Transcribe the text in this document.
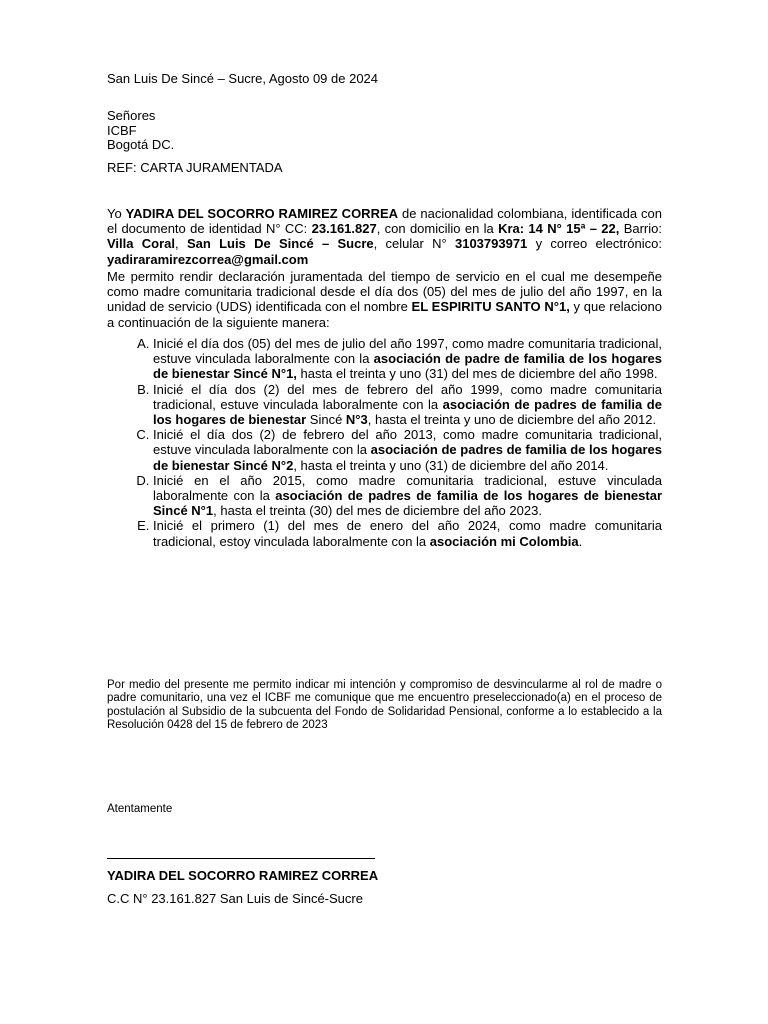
San Luis De Sincé – Sucre, Agosto 09 de 2024

Señores
ICBF
Bogotá DC.

REF: CARTA JURAMENTADA

Yo YADIRA DEL SOCORRO RAMIREZ CORREA de nacionalidad colombiana, identificada con el documento de identidad N° CC: 23.161.827, con domicilio en la Kra: 14 N° 15ª – 22, Barrio: Villa Coral, San Luis De Sincé – Sucre, celular N° 3103793971 y correo electrónico: yadiraramirezcorrea@gmail.com

Me permito rendir declaración juramentada del tiempo de servicio en el cual me desempeñe como madre comunitaria tradicional desde el día dos (05) del mes de julio del año 1997, en la unidad de servicio (UDS) identificada con el nombre EL ESPIRITU SANTO N°1, y que relaciono a continuación de la siguiente manera:

A. Inicié el día dos (05) del mes de julio del año 1997, como madre comunitaria tradicional, estuve vinculada laboralmente con la asociación de padre de familia de los hogares de bienestar Sincé N°1, hasta el treinta y uno (31) del mes de diciembre del año 1998.
B. Inicié el día dos (2) del mes de febrero del año 1999, como madre comunitaria tradicional, estuve vinculada laboralmente con la asociación de padres de familia de los hogares de bienestar Sincé N°3, hasta el treinta y uno de diciembre del año 2012.
C. Inicié el día dos (2) de febrero del año 2013, como madre comunitaria tradicional, estuve vinculada laboralmente con la asociación de padres de familia de los hogares de bienestar Sincé N°2, hasta el treinta y uno (31) de diciembre del año 2014.
D. Inicié en el año 2015, como madre comunitaria tradicional, estuve vinculada laboralmente con la asociación de padres de familia de los hogares de bienestar Sincé N°1, hasta el treinta (30) del mes de diciembre del año 2023.
E. Inicié el primero (1) del mes de enero del año 2024, como madre comunitaria tradicional, estoy vinculada laboralmente con la asociación mi Colombia.

Por medio del presente me permito indicar mi intención y compromiso de desvincularme al rol de madre o padre comunitario, una vez el ICBF me comunique que me encuentro preseleccionado(a) en el proceso de postulación al Subsidio de la subcuenta del Fondo de Solidaridad Pensional, conforme a lo establecido a la Resolución 0428 del 15 de febrero de 2023

Atentamente

YADIRA DEL SOCORRO RAMIREZ CORREA
C.C N° 23.161.827 San Luis de Sincé-Sucre
